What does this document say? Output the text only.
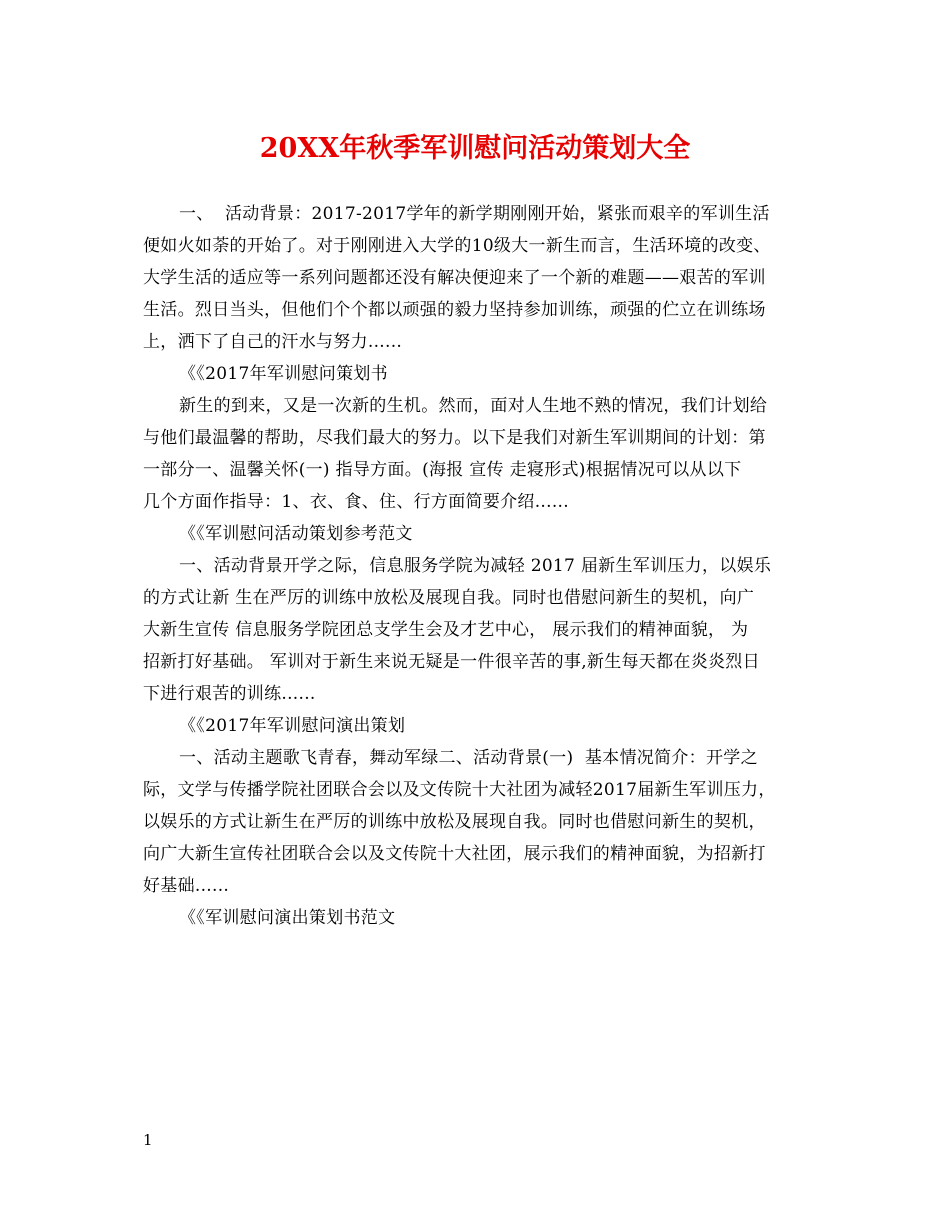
20XX年秋季军训慰问活动策划大全
一、  活动背景：2017-2017学年的新学期刚刚开始，紧张而艰辛的军训生活
便如火如荼的开始了。对于刚刚进入大学的10级大一新生而言，生活环境的改变、
大学生活的适应等一系列问题都还没有解决便迎来了一个新的难题——艰苦的军训
生活。烈日当头，但他们个个都以顽强的毅力坚持参加训练，顽强的伫立在训练场
上，洒下了自己的汗水与努力......
《《2017年军训慰问策划书
新生的到来，又是一次新的生机。然而，面对人生地不熟的情况，我们计划给
与他们最温馨的帮助，尽我们最大的努力。以下是我们对新生军训期间的计划：第
一部分一、温馨关怀(一) 指导方面。(海报 宣传 走寝形式)根据情况可以从以下
几个方面作指导：1、衣、食、住、行方面简要介绍......
《《军训慰问活动策划参考范文
一、活动背景开学之际，信息服务学院为减轻 2017 届新生军训压力，以娱乐
的方式让新 生在严厉的训练中放松及展现自我。同时也借慰问新生的契机，向广
大新生宣传 信息服务学院团总支学生会及才艺中心， 展示我们的精神面貌， 为
招新打好基础。 军训对于新生来说无疑是一件很辛苦的事,新生每天都在炎炎烈日
下进行艰苦的训练......
《《2017年军训慰问演出策划
一、活动主题歌飞青春，舞动军绿二、活动背景(一)  基本情况简介：开学之
际，文学与传播学院社团联合会以及文传院十大社团为减轻2017届新生军训压力，
以娱乐的方式让新生在严厉的训练中放松及展现自我。同时也借慰问新生的契机，
向广大新生宣传社团联合会以及文传院十大社团，展示我们的精神面貌，为招新打
好基础......
《《军训慰问演出策划书范文
1
